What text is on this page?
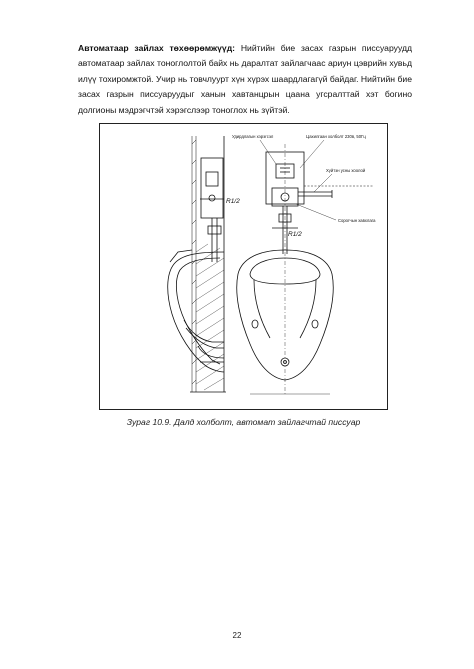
Автоматаар зайлах төхөөрөмжүүд: Нийтийн бие засах газрын писсуаруудд автоматаар зайлах тоноглолтой байх нь даралтат зайлагчаас ариун цэврийн хувьд илүү тохиромжтой. Учир нь товчлуурт хүн хүрэх шаардлагагүй байдаг. Нийтийн бие засах газрын писсуаруудыг ханын хавтанцрын цаана угсралттай хэт богино долгионы мэдрэгчтэй хэрэгслээр тоноглох нь зүйтэй.

R1/2
R1/2
Удирдлагын хэрэгсэл	Цахилгаан холболт 230в, 50Гц
Хүйтэн усны хоолой
Сорогчын хавхлага
Зураг 10.9. Далд холболт, автомат зайлагчтай писсуар
22
